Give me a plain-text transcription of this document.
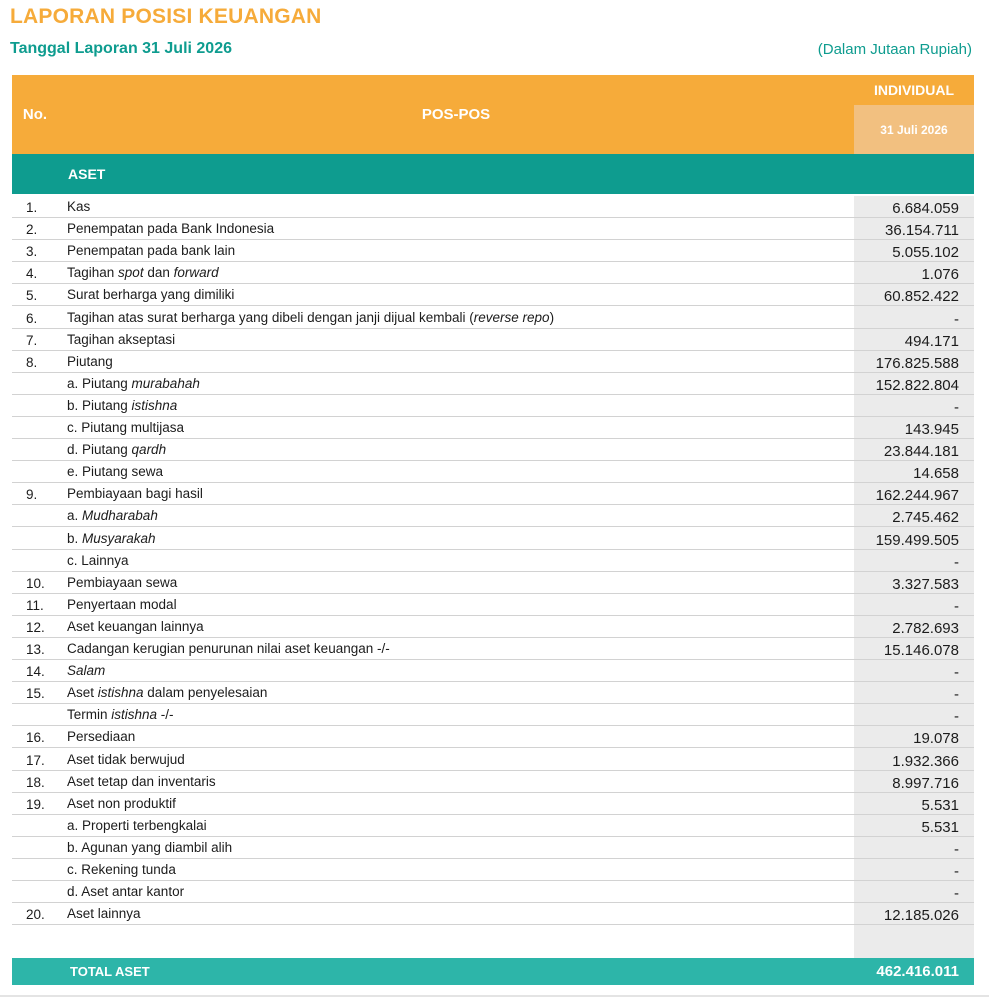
LAPORAN POSISI KEUANGAN
Tanggal Laporan 31 Juli 2026	(Dalam Jutaan Rupiah)
No.	POS-POS
INDIVIDUAL
31 Juli 2026
ASET
1. Kas	6.684.059
2. Penempatan pada Bank Indonesia	36.154.711
3. Penempatan pada bank lain	5.055.102
4. Tagihan spot dan forward	1.076
5. Surat berharga yang dimiliki	60.852.422
6. Tagihan atas surat berharga yang dibeli dengan janji dijual kembali (reverse repo)	-
7. Tagihan akseptasi	494.171
8. Piutang	176.825.588
a. Piutang murabahah	152.822.804
b. Piutang istishna	-
c. Piutang multijasa	143.945
d. Piutang qardh	23.844.181
e. Piutang sewa	14.658
9. Pembiayaan bagi hasil	162.244.967
a. Mudharabah	2.745.462
b. Musyarakah	159.499.505
c. Lainnya	-
10. Pembiayaan sewa	3.327.583
11. Penyertaan modal	-
12. Aset keuangan lainnya	2.782.693
13. Cadangan kerugian penurunan nilai aset keuangan -/-	15.146.078
14. Salam	-
15. Aset istishna dalam penyelesaian	-
Termin istishna -/-	-
16. Persediaan	19.078
17. Aset tidak berwujud	1.932.366
18. Aset tetap dan inventaris	8.997.716
19. Aset non produktif	5.531
a. Properti terbengkalai	5.531
b. Agunan yang diambil alih	-
c. Rekening tunda	-
d. Aset antar kantor	-
20. Aset lainnya	12.185.026
TOTAL ASET	462.416.011
